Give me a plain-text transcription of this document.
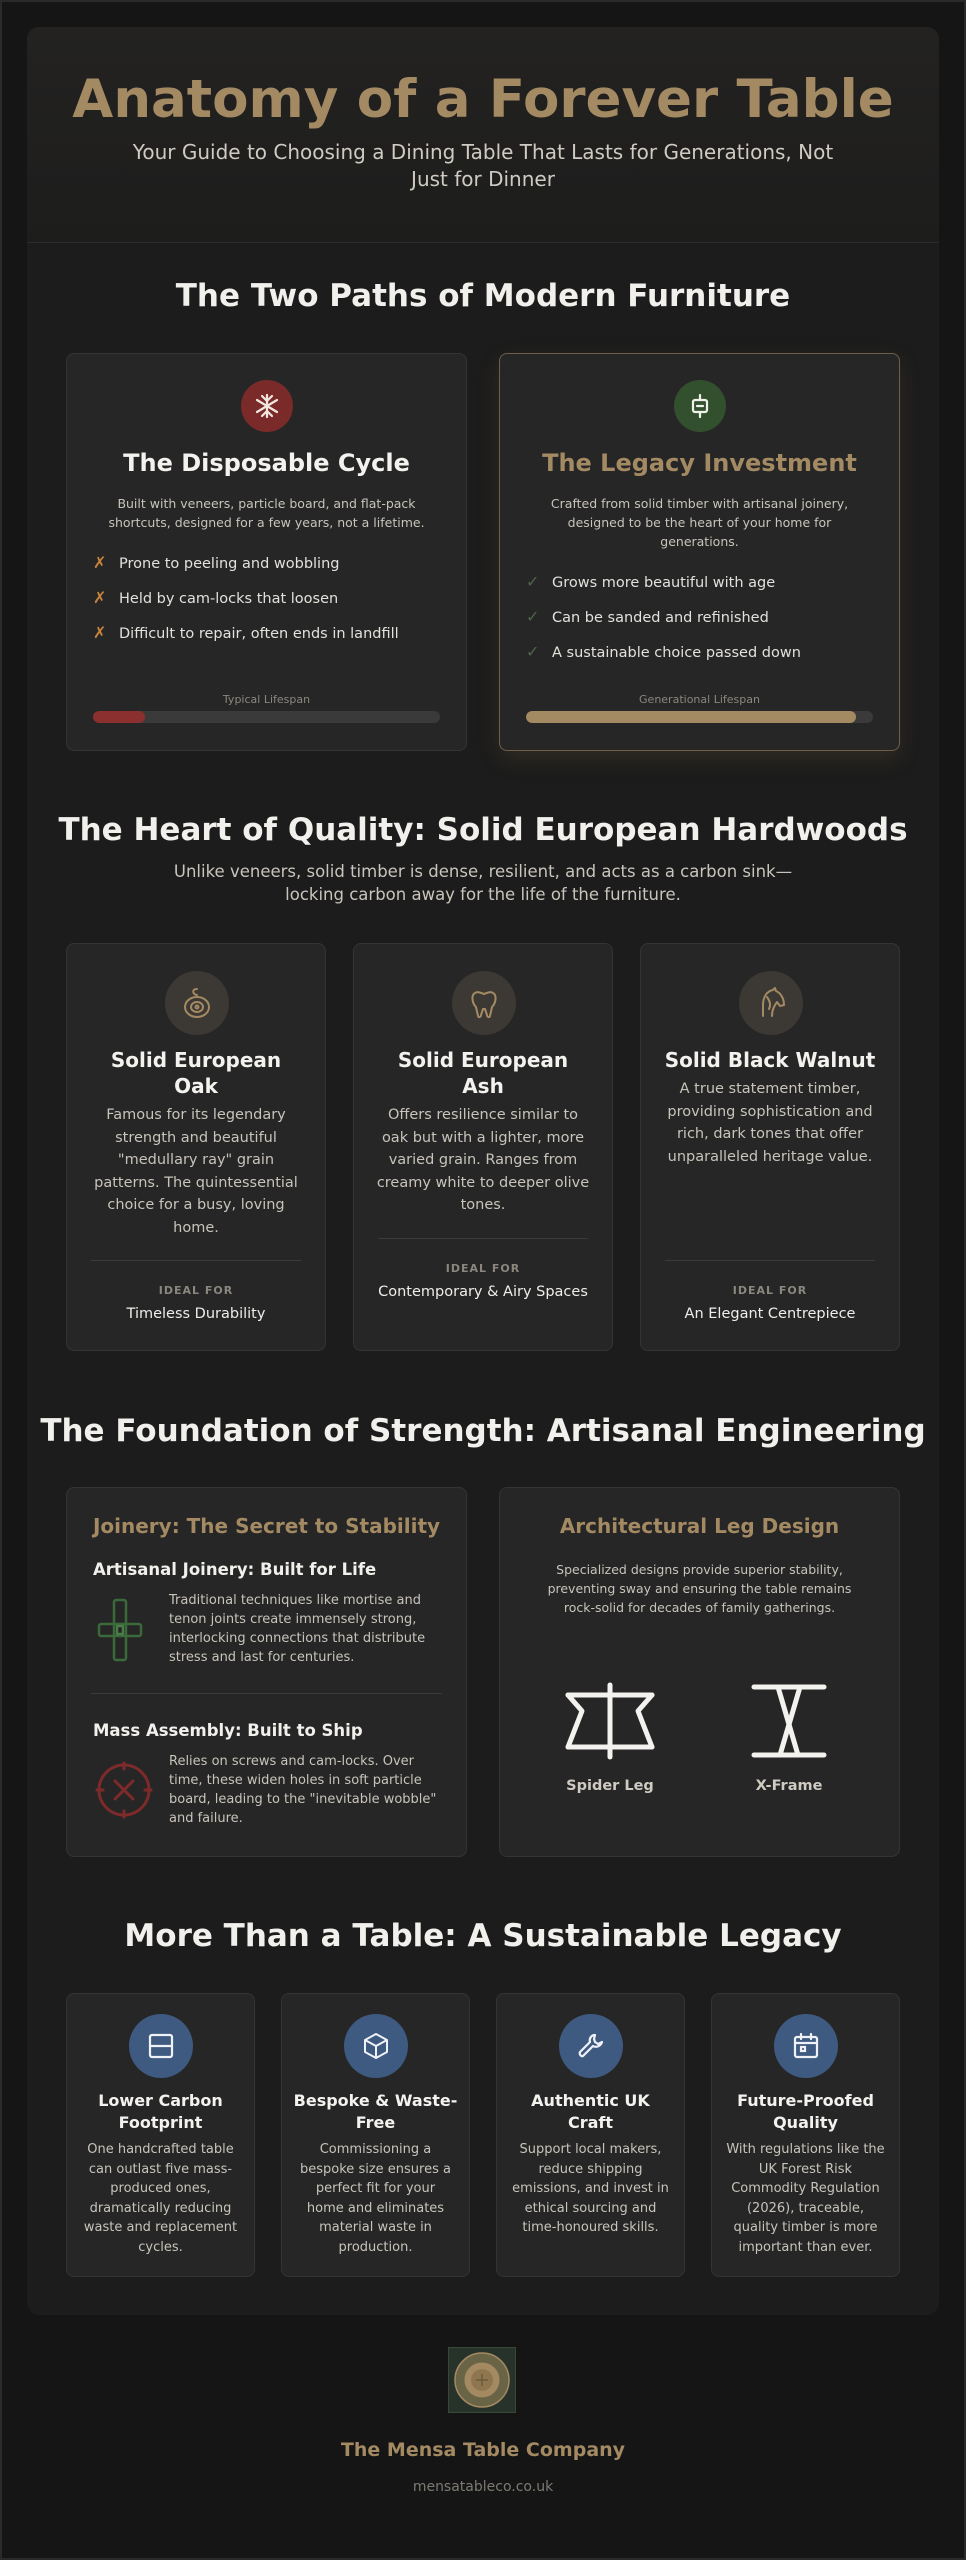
Anatomy of a Forever Table
Your Guide to Choosing a Dining Table That Lasts for Generations, Not Just for Dinner
The Two Paths of Modern Furniture
The Disposable Cycle
Built with veneers, particle board, and flat-pack shortcuts, designed for a few years, not a lifetime.
✗ Prone to peeling and wobbling
✗ Held by cam-locks that loosen
✗ Difficult to repair, often ends in landfill
Typical Lifespan
The Legacy Investment
Crafted from solid timber with artisanal joinery, designed to be the heart of your home for generations.
✓ Grows more beautiful with age
✓ Can be sanded and refinished
✓ A sustainable choice passed down
Generational Lifespan
The Heart of Quality: Solid European Hardwoods
Unlike veneers, solid timber is dense, resilient, and acts as a carbon sink—locking carbon away for the life of the furniture.
Solid European Oak
Famous for its legendary strength and beautiful "medullary ray" grain patterns. The quintessential choice for a busy, loving home.
IDEAL FOR
Timeless Durability
Solid European Ash
Offers resilience similar to oak but with a lighter, more varied grain. Ranges from creamy white to deeper olive tones.
IDEAL FOR
Contemporary & Airy Spaces
Solid Black Walnut
A true statement timber, providing sophistication and rich, dark tones that offer unparalleled heritage value.
IDEAL FOR
An Elegant Centrepiece
The Foundation of Strength: Artisanal Engineering
Joinery: The Secret to Stability
Artisanal Joinery: Built for Life
Traditional techniques like mortise and tenon joints create immensely strong, interlocking connections that distribute stress and last for centuries.
Mass Assembly: Built to Ship
Relies on screws and cam-locks. Over time, these widen holes in soft particle board, leading to the "inevitable wobble" and failure.
Architectural Leg Design
Specialized designs provide superior stability, preventing sway and ensuring the table remains rock-solid for decades of family gatherings.
Spider Leg	X-Frame
More Than a Table: A Sustainable Legacy
Lower Carbon Footprint
One handcrafted table can outlast five mass-produced ones, dramatically reducing waste and replacement cycles.
Bespoke & Waste-Free
Commissioning a bespoke size ensures a perfect fit for your home and eliminates material waste in production.
Authentic UK Craft
Support local makers, reduce shipping emissions, and invest in ethical sourcing and time-honoured skills.
Future-Proofed Quality
With regulations like the UK Forest Risk Commodity Regulation (2026), traceable, quality timber is more important than ever.
The Mensa Table Company
mensatableco.co.uk
